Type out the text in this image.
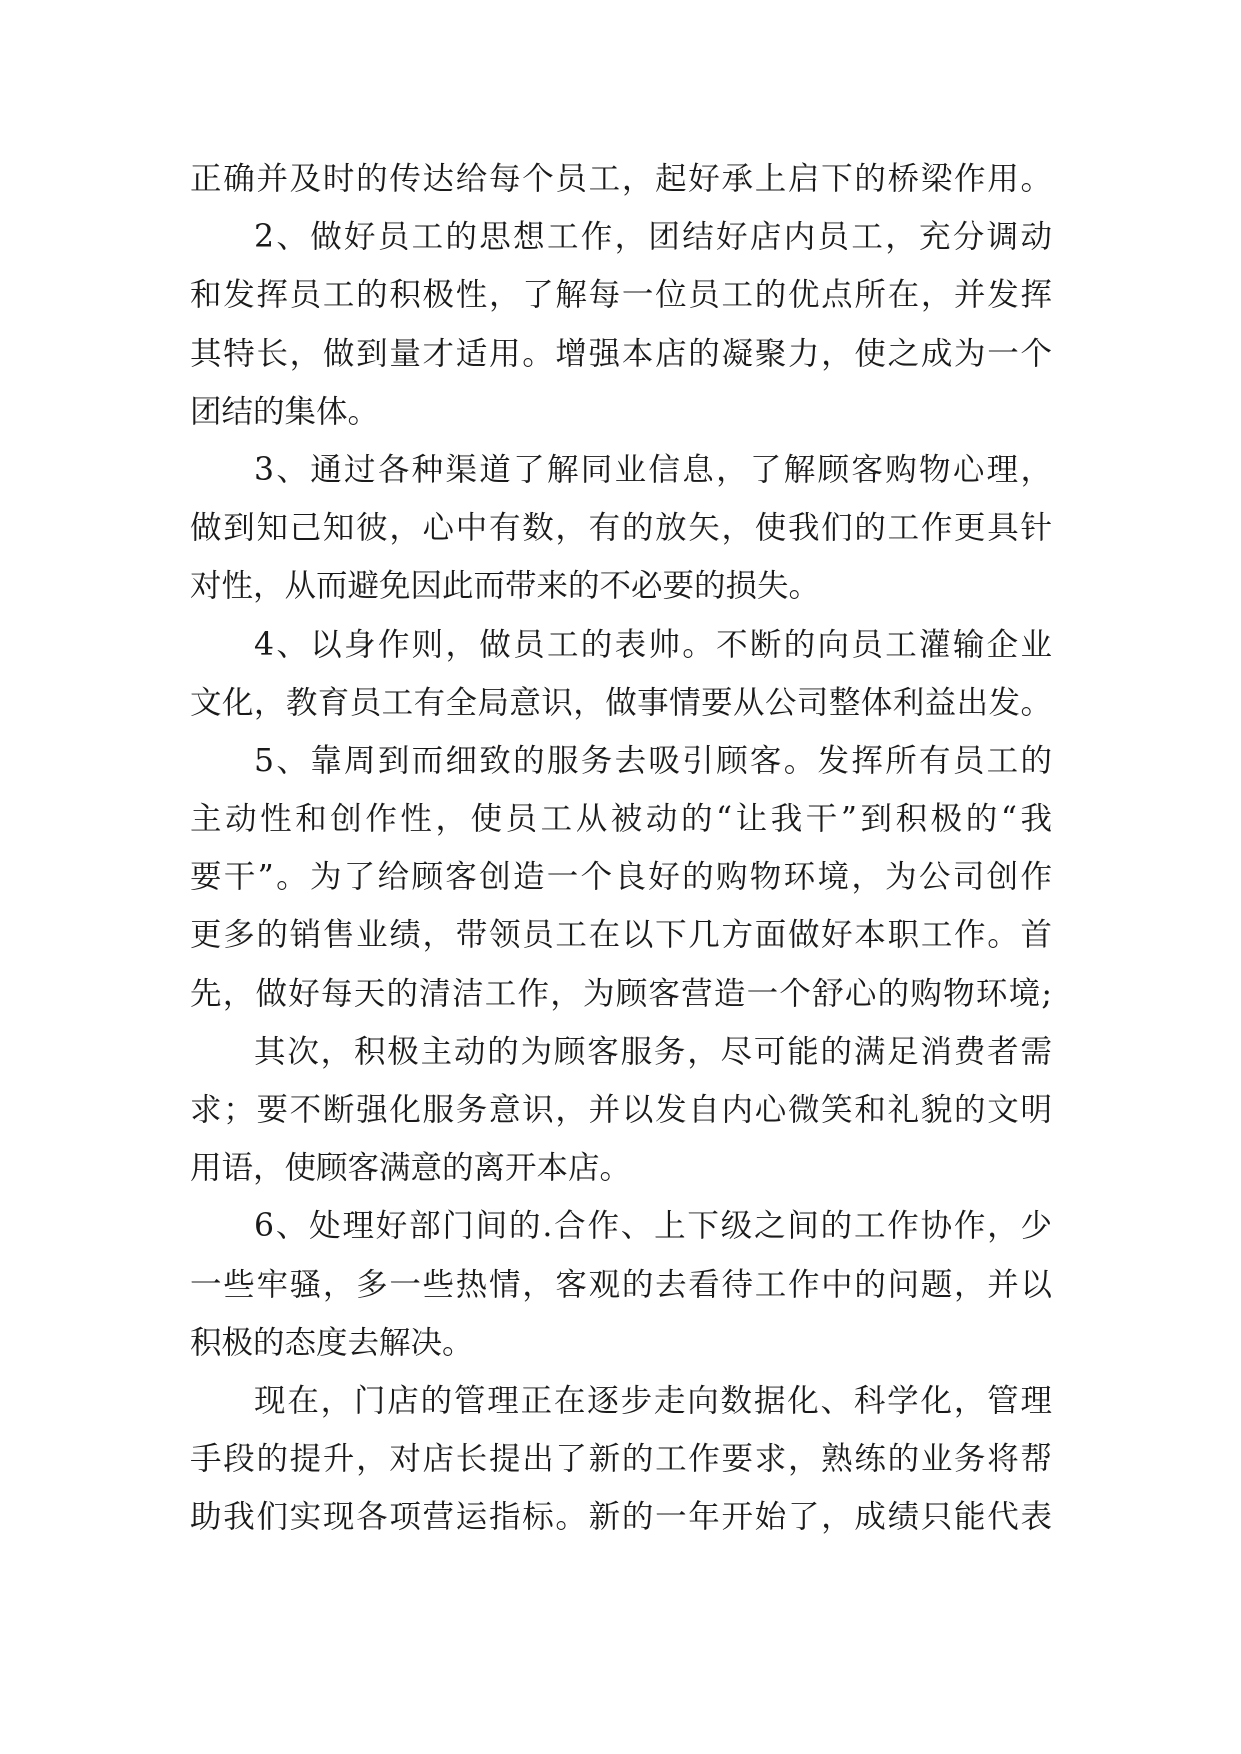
正确并及时的传达给每个员工，起好承上启下的桥梁作用。
2、做好员工的思想工作，团结好店内员工，充分调动
和发挥员工的积极性，了解每一位员工的优点所在，并发挥
其特长，做到量才适用。增强本店的凝聚力，使之成为一个
团结的集体。
3、通过各种渠道了解同业信息，了解顾客购物心理，
做到知己知彼，心中有数，有的放矢，使我们的工作更具针
对性，从而避免因此而带来的不必要的损失。
4、以身作则，做员工的表帅。不断的向员工灌输企业
文化，教育员工有全局意识，做事情要从公司整体利益出发。
5、靠周到而细致的服务去吸引顾客。发挥所有员工的
主动性和创作性，使员工从被动的“让我干”到积极的“我
要干”。为了给顾客创造一个良好的购物环境，为公司创作
更多的销售业绩，带领员工在以下几方面做好本职工作。首
先，做好每天的清洁工作，为顾客营造一个舒心的购物环境;
其次，积极主动的为顾客服务，尽可能的满足消费者需
求；要不断强化服务意识，并以发自内心微笑和礼貌的文明
用语，使顾客满意的离开本店。
6、处理好部门间的.合作、上下级之间的工作协作，少
一些牢骚，多一些热情，客观的去看待工作中的问题，并以
积极的态度去解决。
现在，门店的管理正在逐步走向数据化、科学化，管理
手段的提升，对店长提出了新的工作要求，熟练的业务将帮
助我们实现各项营运指标。新的一年开始了，成绩只能代表
